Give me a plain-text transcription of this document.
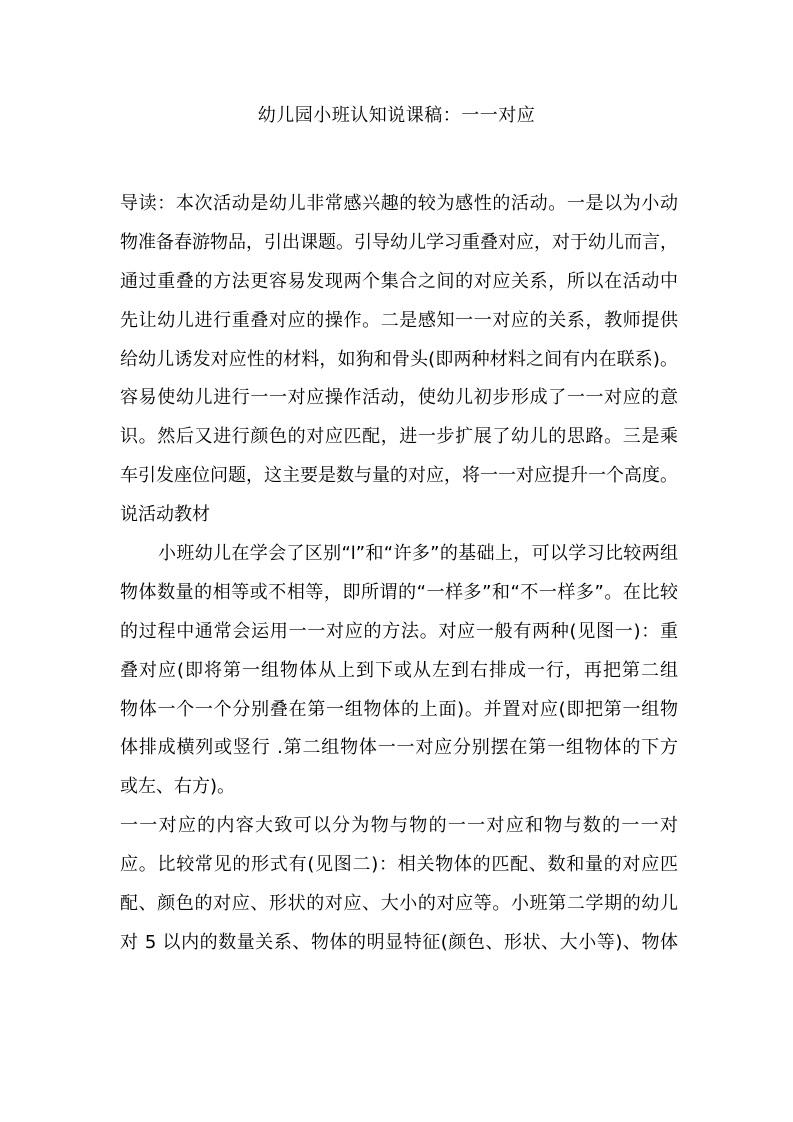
幼儿园小班认知说课稿：一一对应
导读：本次活动是幼儿非常感兴趣的较为感性的活动。一是以为小动
物准备春游物品，引出课题。引导幼儿学习重叠对应，对于幼儿而言，
通过重叠的方法更容易发现两个集合之间的对应关系，所以在活动中
先让幼儿进行重叠对应的操作。二是感知一一对应的关系，教师提供
给幼儿诱发对应性的材料，如狗和骨头(即两种材料之间有内在联系)。
容易使幼儿进行一一对应操作活动，使幼儿初步形成了一一对应的意
识。然后又进行颜色的对应匹配，进一步扩展了幼儿的思路。三是乘
车引发座位问题，这主要是数与量的对应，将一一对应提升一个高度。
说活动教材
小班幼儿在学会了区别“l”和“许多”的基础上，可以学习比较两组
物体数量的相等或不相等，即所谓的“一样多”和“不一样多”。在比较
的过程中通常会运用一一对应的方法。对应一般有两种(见图一)：重
叠对应(即将第一组物体从上到下或从左到右排成一行，再把第二组
物体一个一个分别叠在第一组物体的上面)。并置对应(即把第一组物
体排成横列或竖行 .第二组物体一一对应分别摆在第一组物体的下方
或左、右方)。
一一对应的内容大致可以分为物与物的一一对应和物与数的一一对
应。比较常见的形式有(见图二)：相关物体的匹配、数和量的对应匹
配、颜色的对应、形状的对应、大小的对应等。小班第二学期的幼儿
对 5 以内的数量关系、物体的明显特征(颜色、形状、大小等)、物体
